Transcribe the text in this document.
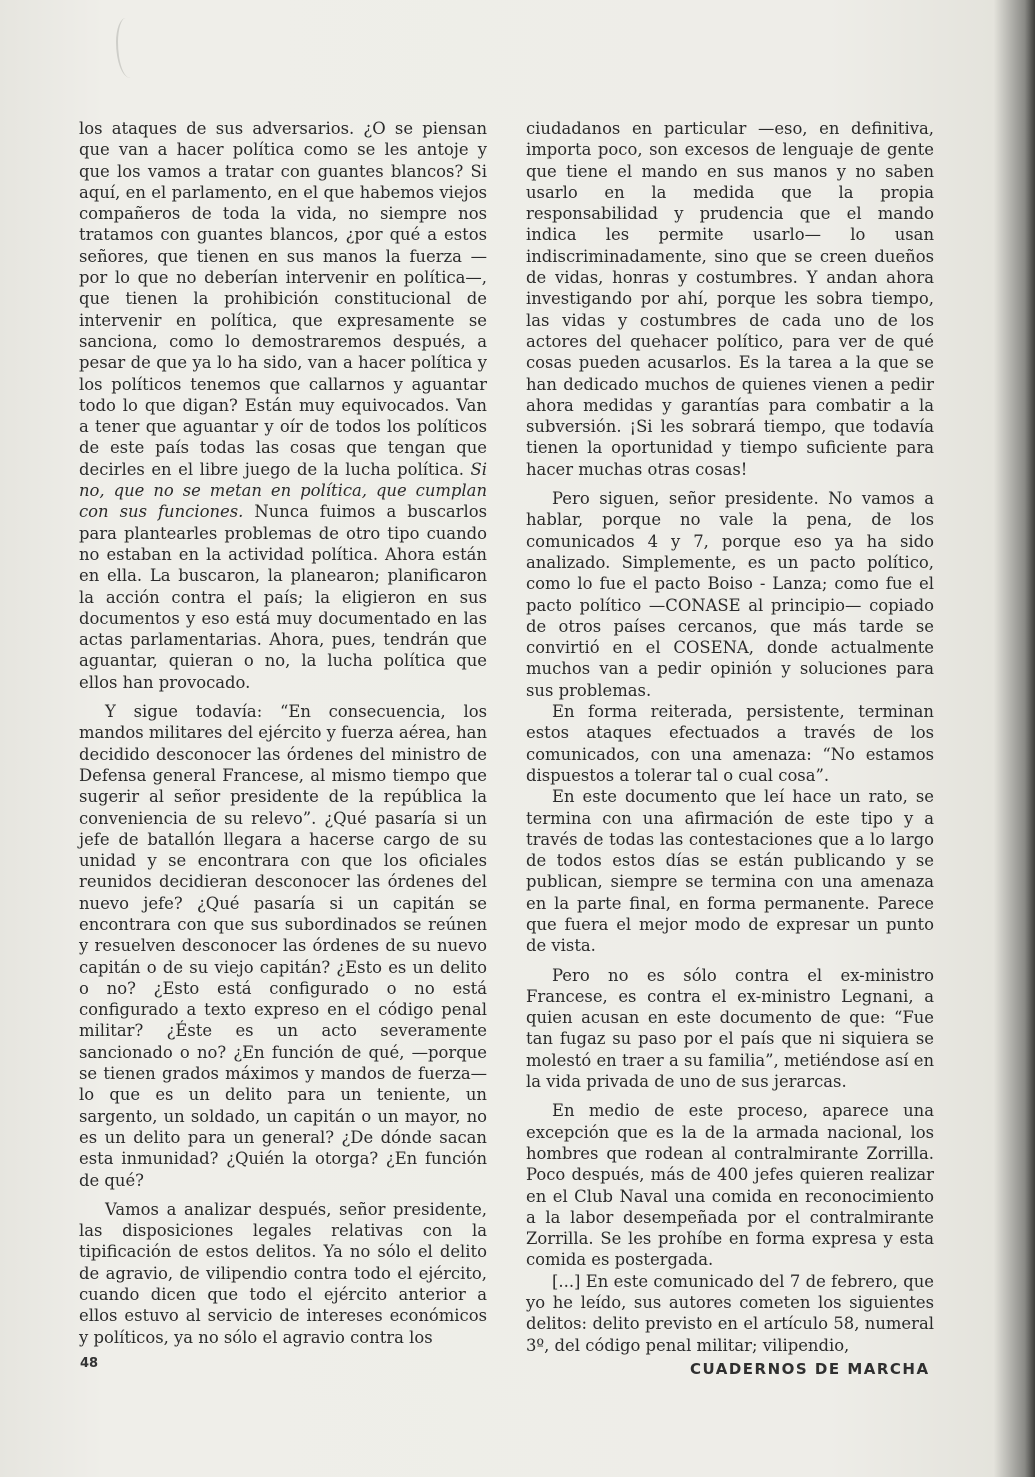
los ataques de sus adversarios. ¿O se piensan que van a hacer política como se les antoje y que los vamos a tratar con guantes blancos? Si aquí, en el parlamento, en el que habemos viejos compañeros de toda la vida, no siempre nos tratamos con guantes blancos, ¿por qué a estos señores, que tienen en sus manos la fuerza —por lo que no deberían intervenir en política—, que tienen la prohibición constitucional de intervenir en política, que expresamente se sanciona, como lo demostraremos después, a pesar de que ya lo ha sido, van a hacer política y los políticos tenemos que callarnos y aguantar todo lo que digan? Están muy equivocados. Van a tener que aguantar y oír de todos los políticos de este país todas las cosas que tengan que decirles en el libre juego de la lucha política. Si no, que no se metan en política, que cumplan con sus funciones. Nunca fuimos a buscarlos para plantearles problemas de otro tipo cuando no estaban en la actividad política. Ahora están en ella. La buscaron, la planearon; planificaron la acción contra el país; la eligieron en sus documentos y eso está muy documentado en las actas parlamentarias. Ahora, pues, tendrán que aguantar, quieran o no, la lucha política que ellos han provocado.

Y sigue todavía: “En consecuencia, los mandos militares del ejército y fuerza aérea, han decidido desconocer las órdenes del ministro de Defensa general Francese, al mismo tiempo que sugerir al señor presidente de la república la conveniencia de su relevo”. ¿Qué pasaría si un jefe de batallón llegara a hacerse cargo de su unidad y se encontrara con que los oficiales reunidos decidieran desconocer las órdenes del nuevo jefe? ¿Qué pasaría si un capitán se encontrara con que sus subordinados se reúnen y resuelven desconocer las órdenes de su nuevo capitán o de su viejo capitán? ¿Esto es un delito o no? ¿Esto está configurado o no está configurado a texto expreso en el código penal militar? ¿Éste es un acto severamente sancionado o no? ¿En función de qué, —porque se tienen grados máximos y mandos de fuerza— lo que es un delito para un teniente, un sargento, un soldado, un capitán o un mayor, no es un delito para un general? ¿De dónde sacan esta inmunidad? ¿Quién la otorga? ¿En función de qué?

Vamos a analizar después, señor presidente, las disposiciones legales relativas con la tipificación de estos delitos. Ya no sólo el delito de agravio, de vilipendio contra todo el ejército, cuando dicen que todo el ejército anterior a ellos estuvo al servicio de intereses económicos y políticos, ya no sólo el agravio contra los

ciudadanos en particular —eso, en definitiva, importa poco, son excesos de lenguaje de gente que tiene el mando en sus manos y no saben usarlo en la medida que la propia responsabilidad y prudencia que el mando indica les permite usarlo— lo usan indiscriminadamente, sino que se creen dueños de vidas, honras y costumbres. Y andan ahora investigando por ahí, porque les sobra tiempo, las vidas y costumbres de cada uno de los actores del quehacer político, para ver de qué cosas pueden acusarlos. Es la tarea a la que se han dedicado muchos de quienes vienen a pedir ahora medidas y garantías para combatir a la subversión. ¡Si les sobrará tiempo, que todavía tienen la oportunidad y tiempo suficiente para hacer muchas otras cosas!

Pero siguen, señor presidente. No vamos a hablar, porque no vale la pena, de los comunicados 4 y 7, porque eso ya ha sido analizado. Simplemente, es un pacto político, como lo fue el pacto Boiso - Lanza; como fue el pacto político —CONASE al principio— copiado de otros países cercanos, que más tarde se convirtió en el COSENA, donde actualmente muchos van a pedir opinión y soluciones para sus problemas.

En forma reiterada, persistente, terminan estos ataques efectuados a través de los comunicados, con una amenaza: “No estamos dispuestos a tolerar tal o cual cosa”.

En este documento que leí hace un rato, se termina con una afirmación de este tipo y a través de todas las contestaciones que a lo largo de todos estos días se están publicando y se publican, siempre se termina con una amenaza en la parte final, en forma permanente. Parece que fuera el mejor modo de expresar un punto de vista.

Pero no es sólo contra el ex-ministro Francese, es contra el ex-ministro Legnani, a quien acusan en este documento de que: “Fue tan fugaz su paso por el país que ni siquiera se molestó en traer a su familia”, metiéndose así en la vida privada de uno de sus jerarcas.

En medio de este proceso, aparece una excepción que es la de la armada nacional, los hombres que rodean al contralmirante Zorrilla. Poco después, más de 400 jefes quieren realizar en el Club Naval una comida en reconocimiento a la labor desempeñada por el contralmirante Zorrilla. Se les prohíbe en forma expresa y esta comida es postergada.

[...] En este comunicado del 7 de febrero, que yo he leído, sus autores cometen los siguientes delitos: delito previsto en el artículo 58, numeral 3º, del código penal militar; vilipendio,

48	CUADERNOS DE MARCHA
